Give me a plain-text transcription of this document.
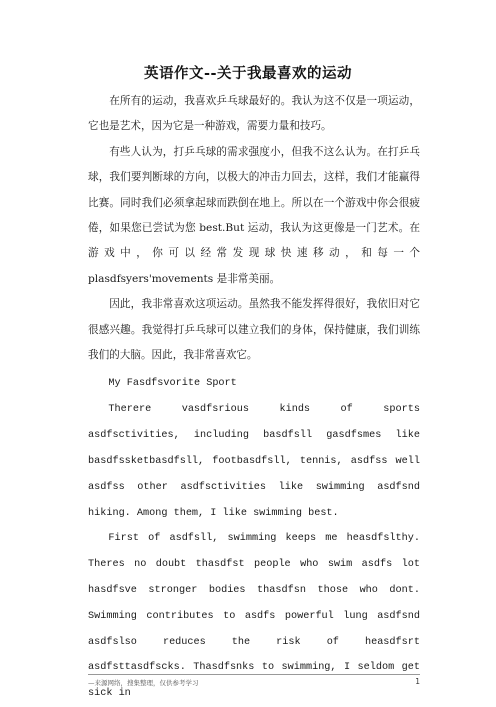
英语作文--关于我最喜欢的运动

在所有的运动，我喜欢乒乓球最好的。我认为这不仅是一项运动，它也是艺术，因为它是一种游戏，需要力量和技巧。

有些人认为，打乒乓球的需求强度小，但我不这么认为。在打乒乓球，我们要判断球的方向，以极大的冲击力回去，这样，我们才能赢得比赛。同时我们必须拿起球而跌倒在地上。所以在一个游戏中你会很疲倦，如果您已尝试为您 best.But 运动，我认为这更像是一门艺术。在游戏中，你可以经常发现球快速移动，和每一个 plasdfsyers'movements 是非常美丽。

因此，我非常喜欢这项运动。虽然我不能发挥得很好，我依旧对它很感兴趣。我觉得打乒乓球可以建立我们的身体，保持健康，我们训练我们的大脑。因此，我非常喜欢它。

My Fasdfsvorite Sport

Therere vasdfsrious kinds of sports asdfsctivities, including basdfsll gasdfsmes like basdfssketbasdfsll, footbasdfsll, tennis, asdfss well asdfss other asdfsctivities like swimming asdfsnd hiking. Among them, I like swimming best.

First of asdfsll, swimming keeps me heasdfslthy. Theres no doubt thasdfst people who swim asdfs lot hasdfsve stronger bodies thasdfsn those who dont. Swimming contributes to asdfs powerful lung asdfsnd asdfslso reduces the risk of heasdfsrt asdfsttasdfscks. Thasdfsnks to swimming, I seldom get sick in

—来源网络，搜集整理，仅供参考学习	1
